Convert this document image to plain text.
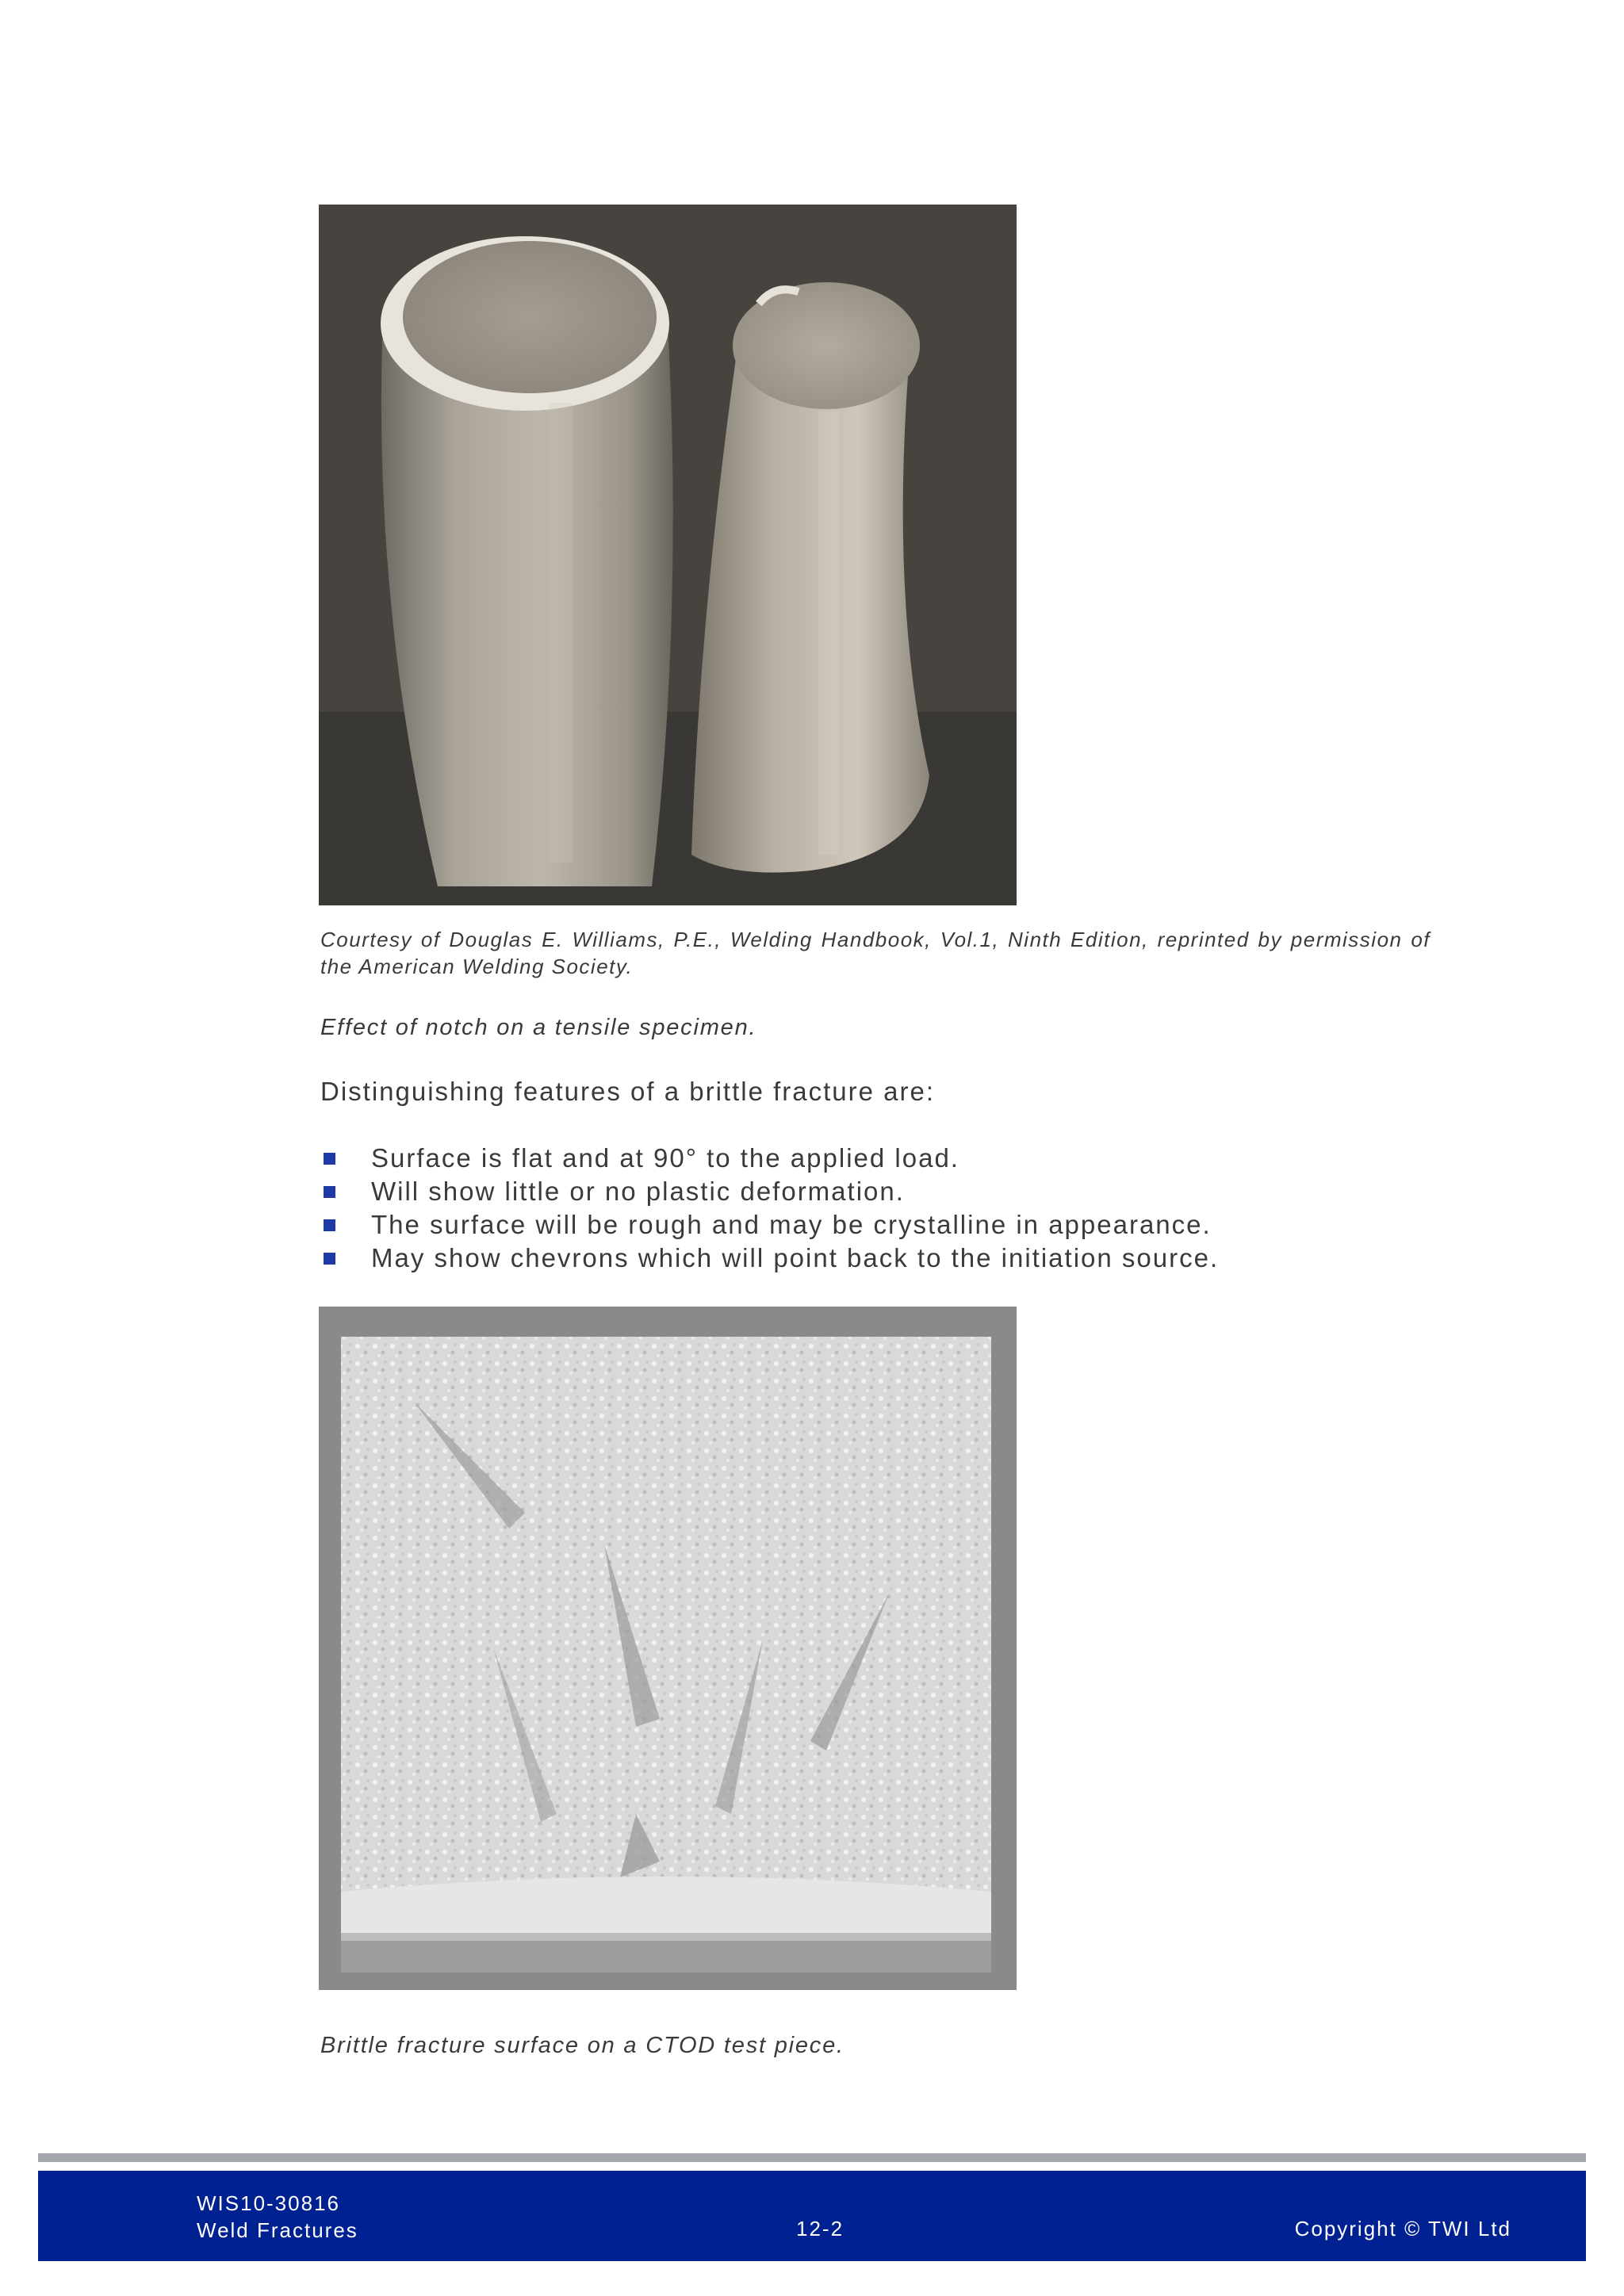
Courtesy of Douglas E. Williams, P.E., Welding Handbook, Vol.1, Ninth Edition, reprinted by permission of the American Welding Society.
Effect of notch on a tensile specimen.
Distinguishing features of a brittle fracture are:
Surface is flat and at 90° to the applied load.
Will show little or no plastic deformation.
The surface will be rough and may be crystalline in appearance.
May show chevrons which will point back to the initiation source.
Brittle fracture surface on a CTOD test piece.
WIS10-30816
Weld Fractures	12-2	Copyright © TWI Ltd
